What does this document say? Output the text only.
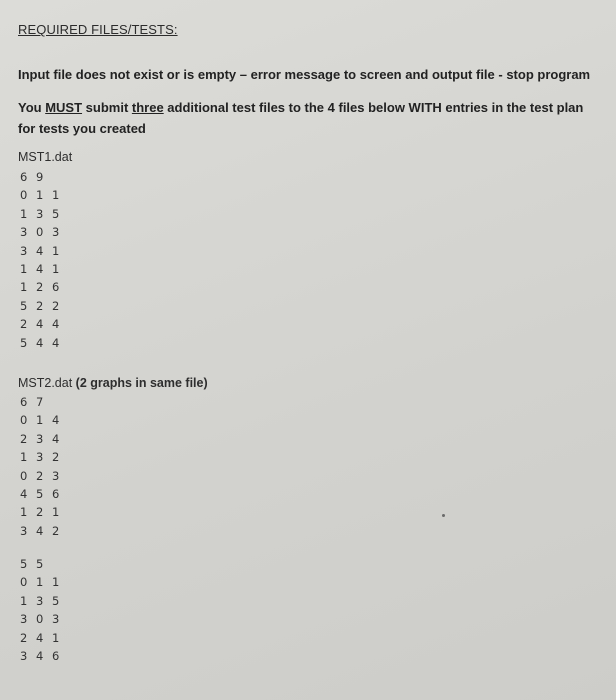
REQUIRED FILES/TESTS:
Input file does not exist or is empty – error message to screen and output file - stop program
You MUST submit three additional test files to the 4 files below WITH entries in the test plan for tests you created
MST1.dat
6 9
0 1 1
1 3 5
3 0 3
3 4 1
1 4 1
1 2 6
5 2 2
2 4 4
5 4 4
MST2.dat (2 graphs in same file)
6 7
0 1 4
2 3 4
1 3 2
0 2 3
4 5 6
1 2 1
3 4 2
5 5
0 1 1
1 3 5
3 0 3
2 4 1
3 4 6
